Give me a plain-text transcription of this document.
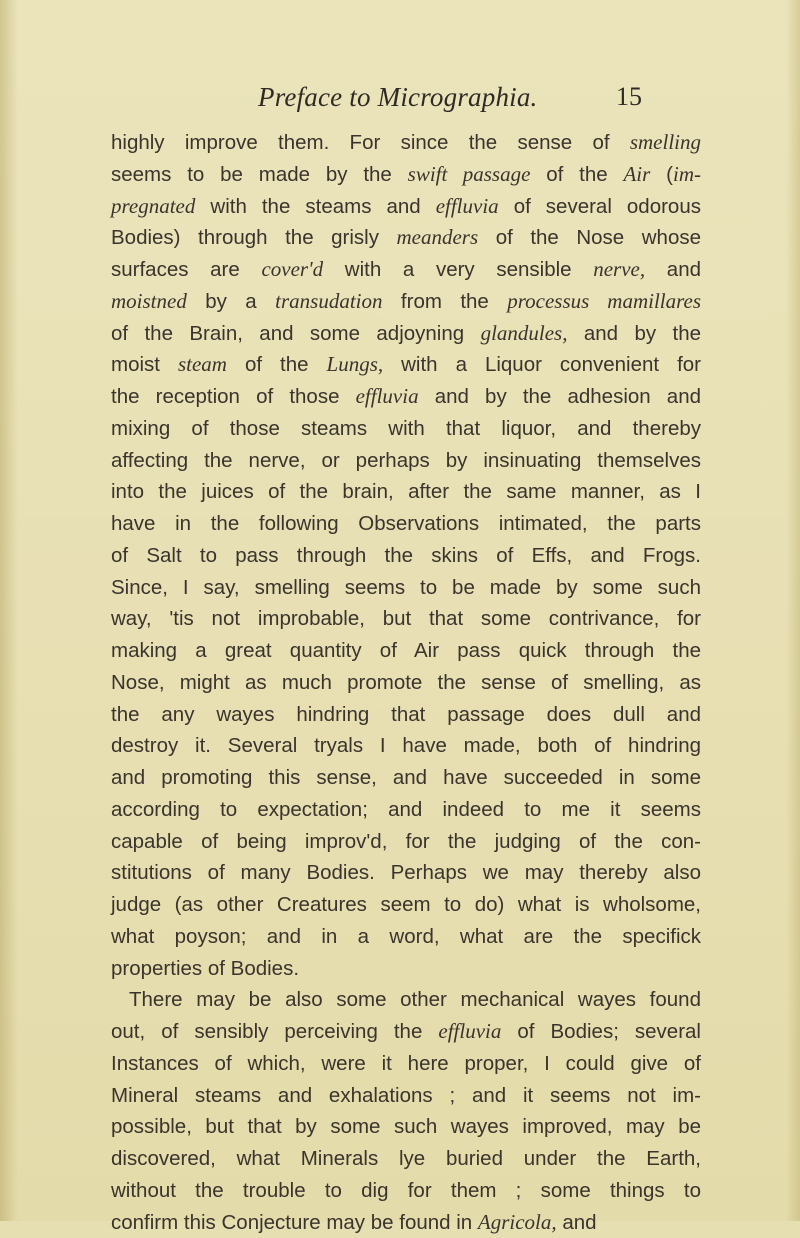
Preface to Micrographia.	15
highly improve them. For since the sense of smelling
seems to be made by the swift passage of the Air (im-
pregnated with the steams and effluvia of several odorous
Bodies) through the grisly meanders of the Nose whose
surfaces are cover'd with a very sensible nerve, and
moistned by a transudation from the processus mamillares
of the Brain, and some adjoyning glandules, and by the
moist steam of the Lungs, with a Liquor convenient for
the reception of those effluvia and by the adhesion and
mixing of those steams with that liquor, and thereby
affecting the nerve, or perhaps by insinuating themselves
into the juices of the brain, after the same manner, as I
have in the following Observations intimated, the parts
of Salt to pass through the skins of Effs, and Frogs.
Since, I say, smelling seems to be made by some such
way, 'tis not improbable, but that some contrivance, for
making a great quantity of Air pass quick through the
Nose, might as much promote the sense of smelling, as
the any wayes hindring that passage does dull and
destroy it. Several tryals I have made, both of hindring
and promoting this sense, and have succeeded in some
according to expectation; and indeed to me it seems
capable of being improv'd, for the judging of the con-
stitutions of many Bodies. Perhaps we may thereby also
judge (as other Creatures seem to do) what is wholsome,
what poyson; and in a word, what are the specifick
properties of Bodies.
There may be also some other mechanical wayes found
out, of sensibly perceiving the effluvia of Bodies; several
Instances of which, were it here proper, I could give of
Mineral steams and exhalations ; and it seems not im-
possible, but that by some such wayes improved, may be
discovered, what Minerals lye buried under the Earth,
without the trouble to dig for them ; some things to
confirm this Conjecture may be found in Agricola, and
